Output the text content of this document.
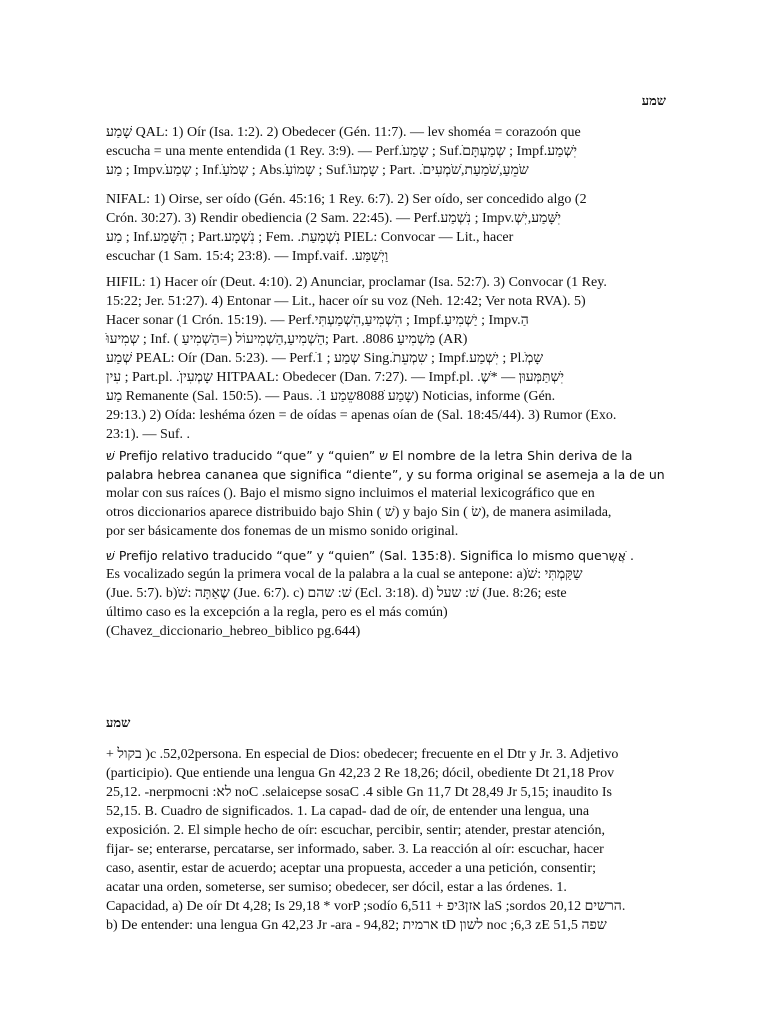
שמע

שָׁמַע QAL: 1) Oír (Isa. 1:2). 2) Obedecer (Gén. 11:7). — lev shoméa = corazoón que

escucha = una mente entendida (1 Rey. 3:9). — Perf.ׁשָמַע ; Suf.ׁשְמַעְתָּם ; Impf.יִׁשְמַע

מַע ; Impv.ׁשְמַע ; Inf.ׁשְמֹעַ ; Abs.ׁשָמוֹעַ ; Suf.ׁשָמְעוֹ ; Part. .ׁשֹמֵעַ,ׁשֹמַעַת,ׁשֹמְעִים

NIFAL: 1) Oirse, ser oído (Gén. 45:16; 1 Rey. 6:7). 2) Ser oído, ser concedido algo (2

Crón. 30:27). 3) Rendir obediencia (2 Sam. 22:45). — Perf.נִׁשְמַע ; Impv.יִׁשָּׁמַע,יִׁשְ

מַע ; Inf.הִׁשָּׁמַע ; Part.נִׁשְמָע ; Fem. .נִׁשְמַעַת PIEL: Convocar — Lit., hacer

escuchar (1 Sam. 15:4; 23:8). — Impf.vaif. .וַיְׁשַמַּע

HIFIL: 1) Hacer oír (Deut. 4:10). 2) Anunciar, proclamar (Isa. 52:7). 3) Convocar (1 Rey.

15:22; Jer. 51:27). 4) Entonar — Lit., hacer oír su voz (Neh. 12:42; Ver nota RVA). 5)

Hacer sonar (1 Crón. 15:19). — Perf.הִׁשְמִיעַ,הִׁשְמַעְתִּי ; Impf.יַׁשְמִיעַ ; Impv.הַ

ׁשְמִיעוּ ; Inf. הַׁשְמִיעַ,הַׁשְמִיעוֹל (=הַׁשְמִיעַ ); Part. .מַׁשְמִיעַ 8086 (AR)

שְׁמַע PEAL: Oír (Dan. 5:23). — Perf.ׁשְמַע ; 1 Sing.ׁשִמְעֵת ; Impf.יִׁשְמַע ; Pl.ׁשָמְ

עִין ; Part.pl. .ׁשָמְעִין HITPAAL: Obedecer (Dan. 7:27). — Impf.pl. .יִׁשְתַּמְּעוּן — *ׁשֶ

מַע Remanente (Sal. 150:5). — Paus. .ׁשָמַע 8088ׁשֵמַע 1) Noticias, informe (Gén.

29:13.) 2) Oída: leshéma ózen = de oídas = apenas oían de (Sal. 18:45/44). 3) Rumor (Exo.

23:1). — Suf. .

שׁ Prefijo relativo traducido “que” y “quien” ש El nombre de la letra Shin deriva de la

palabra hebrea cananea que significa “diente”, y su forma original se asemeja a la de un

molar con sus raíces (). Bajo el mismo signo incluimos el material lexicográfico que en

otros diccionarios aparece distribuido bajo Shin ( שׁ) y bajo Sin ( שׂ), de manera asimilada,

por ser básicamente dos fonemas de un mismo sonido original.

שׁ Prefijo relativo traducido “que” y “quien” (Sal. 135:8). Significa lo mismo queאֲׁשֶר .

Es vocalizado según la primera vocal de la palabra a la cual se antepone: a)ׁשַקַּמְתִּי :שׁ

(Jue. 5:7). b)ׁשֶאַתָּה :שׁ (Jue. 6:7). c) שׁ: שהם (Ecl. 3:18). d) שׁ: שעל (Jue. 8:26; este

último caso es la excepción a la regla, pero es el más común)

(Chavez_diccionario_hebreo_biblico pg.644)

שמע

+ בקול )c .52,02persona. En especial de Dios: obedecer; frecuente en el Dtr y Jr. 3. Adjetivo

(participio). Que entiende una lengua Gn 42,23 2 Re 18,26; dócil, obediente Dt 21,18 Prov

25,12. -nerpmocni :לא noC .selaicepse sosaC .4 sible Gn 11,7 Dt 28,49 Jr 5,15; inaudito Is

52,15. B. Cuadro de significados. 1. La capad- dad de oír, de entender una lengua, una

exposición. 2. El simple hecho de oír: escuchar, percibir, sentir; atender, prestar atención,

fijar- se; enterarse, percatarse, ser informado, saber. 3. La reacción al oír: escuchar, hacer

caso, asentir, estar de acuerdo; aceptar una propuesta, acceder a una petición, consentir;

acatar una orden, someterse, ser sumiso; obedecer, ser dócil, estar a las órdenes. 1.

Capacidad, a) De oír Dt 4,28; Is 29,18 * vorP ;sodío אזן3יפ + 6,511 laS ;sordos הרשים 20,12.

b) De entender: una lengua Gn 42,23 Jr -ara - ארמית ;94,82 tD לשון noc ;6,3 zE 51,5 שפה
